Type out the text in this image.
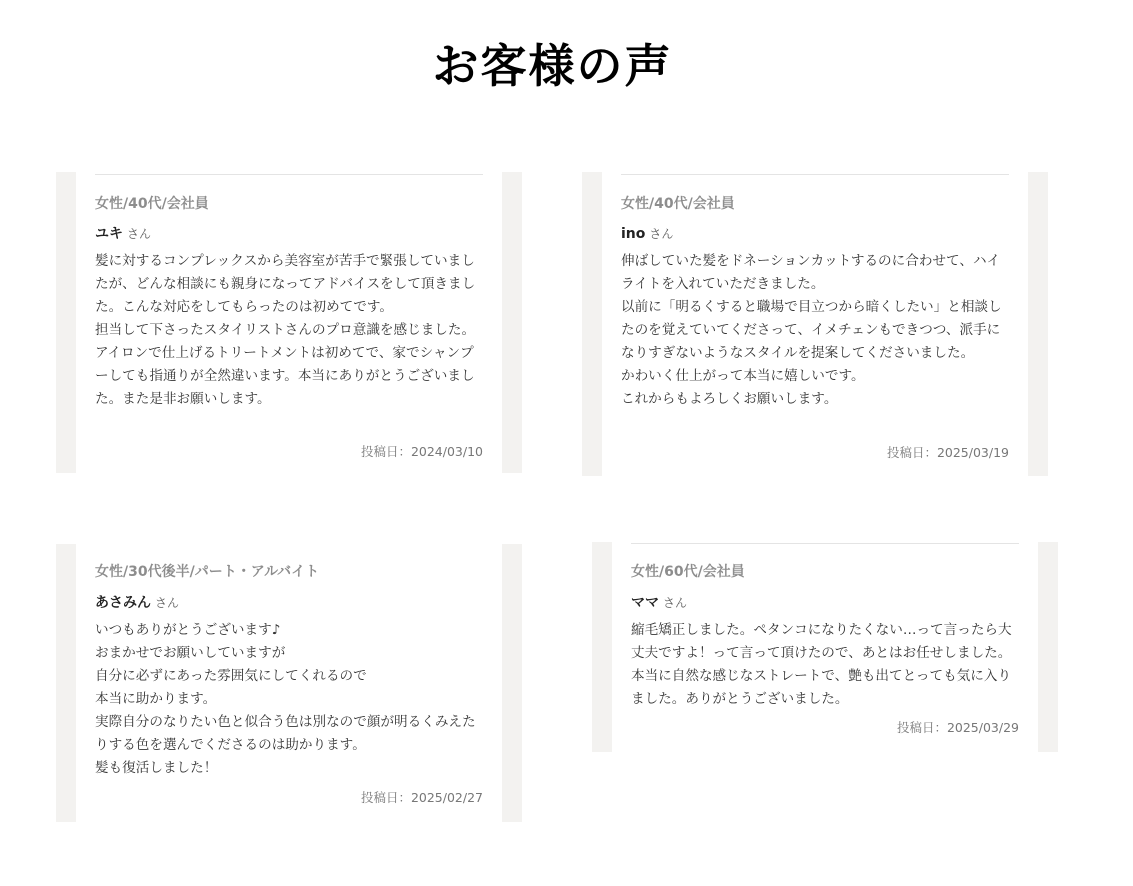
お客様の声
女性/40代/会社員
ユキ さん
髪に対するコンプレックスから美容室が苦手で緊張していましたが、どんな相談にも親身になってアドバイスをして頂きました。こんな対応をしてもらったのは初めてです。
担当して下さったスタイリストさんのプロ意識を感じました。
アイロンで仕上げるトリートメントは初めてで、家でシャンプーしても指通りが全然違います。本当にありがとうございました。また是非お願いします。
投稿日：2024/03/10
女性/40代/会社員
ino さん
伸ばしていた髪をドネーションカットするのに合わせて、ハイライトを入れていただきました。
以前に「明るくすると職場で目立つから暗くしたい」と相談したのを覚えていてくださって、イメチェンもできつつ、派手になりすぎないようなスタイルを提案してくださいました。
かわいく仕上がって本当に嬉しいです。
これからもよろしくお願いします。
投稿日：2025/03/19
女性/30代後半/パート・アルバイト
あさみん さん
いつもありがとうございます♪
おまかせでお願いしていますが
自分に必ずにあった雰囲気にしてくれるので
本当に助かります。
実際自分のなりたい色と似合う色は別なので顔が明るくみえたりする色を選んでくださるのは助かります。
髪も復活しました！
投稿日：2025/02/27
女性/60代/会社員
ママ さん
縮毛矯正しました。ペタンコになりたくない…って言ったら大丈夫ですよ！って言って頂けたので、あとはお任せしました。本当に自然な感じなストレートで、艶も出てとっても気に入りました。ありがとうございました。
投稿日：2025/03/29
